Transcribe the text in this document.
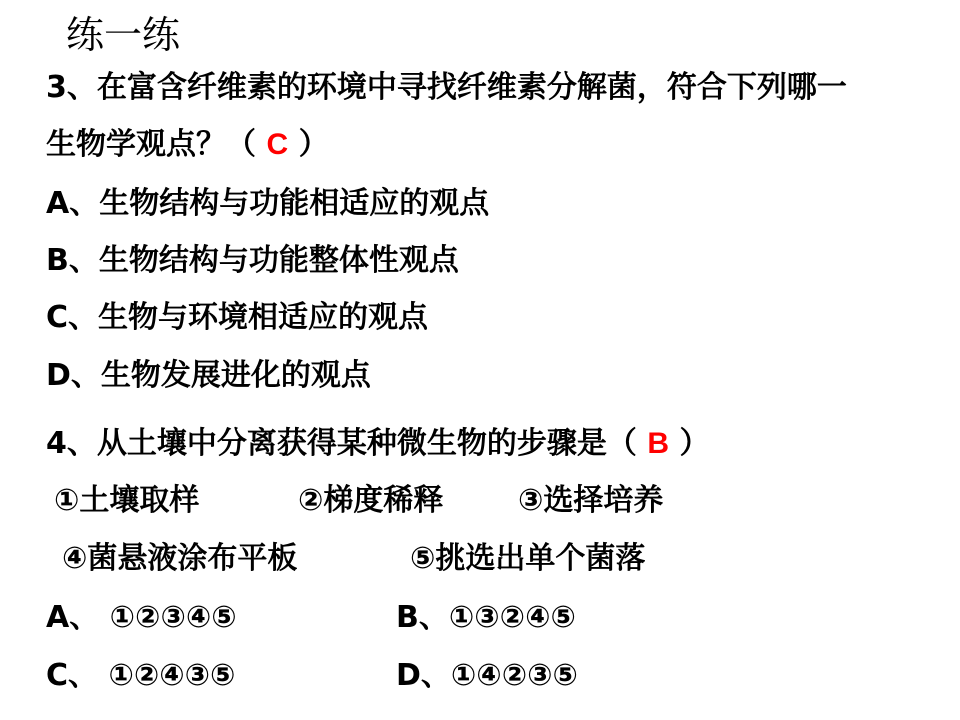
练一练
3、在富含纤维素的环境中寻找纤维素分解菌，符合下列哪一
生物学观点？（ C ）
A、生物结构与功能相适应的观点
B、生物结构与功能整体性观点
C、生物与环境相适应的观点
D、生物发展进化的观点
4、从土壤中分离获得某种微生物的步骤是（ B ）
①土壤取样	②梯度稀释 ③选择培养
④菌悬液涂布平板	⑤挑选出单个菌落
A、 ①②③④⑤	B、①③②④⑤
C、 ①②④③⑤	D、①④②③⑤
